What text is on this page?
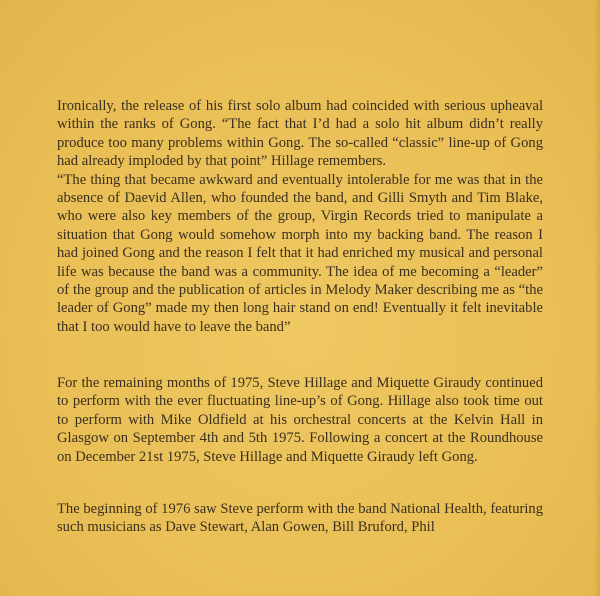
Ironically, the release of his first solo album had coincided with serious upheaval within the ranks of Gong. “The fact that I’d had a solo hit album didn’t really produce too many problems within Gong. The so-called “classic” line-up of Gong had already imploded by that point” Hillage remembers.

“The thing that became awkward and eventually intolerable for me was that in the absence of Daevid Allen, who founded the band, and Gilli Smyth and Tim Blake, who were also key members of the group, Virgin Records tried to manipulate a situation that Gong would somehow morph into my backing band. The reason I had joined Gong and the reason I felt that it had enriched my musical and personal life was because the band was a community. The idea of me becoming a “leader” of the group and the publication of articles in Melody Maker describing me as “the leader of Gong” made my then long hair stand on end! Eventually it felt inevitable that I too would have to leave the band”

For the remaining months of 1975, Steve Hillage and Miquette Giraudy continued to perform with the ever fluctuating line-up’s of Gong. Hillage also took time out to perform with Mike Oldfield at his orchestral concerts at the Kelvin Hall in Glasgow on September 4th and 5th 1975. Following a concert at the Roundhouse on December 21st 1975, Steve Hillage and Miquette Giraudy left Gong.

The beginning of 1976 saw Steve perform with the band National Health, featuring such musicians as Dave Stewart, Alan Gowen, Bill Bruford, Phil
